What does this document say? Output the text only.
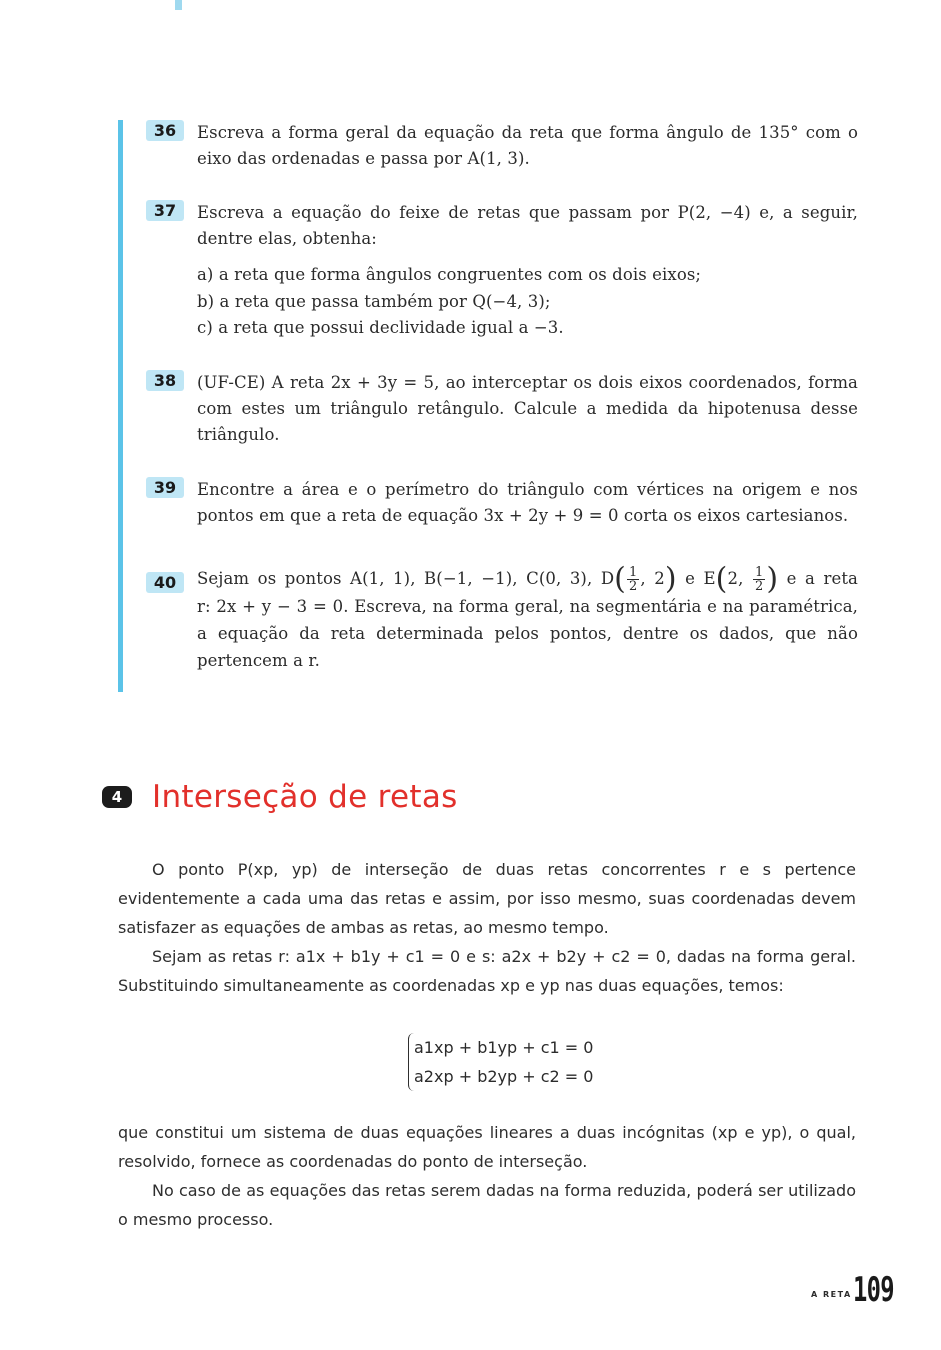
36	Escreva a forma geral da equação da reta que forma ângulo de 135° com o eixo das ordenadas e passa por A(1, 3).

37	Escreva a equação do feixe de retas que passam por P(2, −4) e, a seguir, dentre elas, obtenha:

a) a reta que forma ângulos congruentes com os dois eixos;
b) a reta que passa também por Q(−4, 3);
c) a reta que possui declividade igual a −3.
38	(UF-CE) A reta 2x + 3y = 5, ao interceptar os dois eixos coordenados, forma com estes um triângulo retângulo. Calcule a medida da hipotenusa desse triângulo.

39	Encontre a área e o perímetro do triângulo com vértices na origem e nos pontos em que a reta de equação 3x + 2y + 9 = 0 corta os eixos cartesianos.

40	Sejam os pontos A(1, 1), B(−1, −1), C(0, 3), $D( \frac{1}{2}$ , 2) e E(2, $\frac{1}{2}$ ) e a reta

r: 2x + y − 3 = 0. Escreva, na forma geral, na segmentária e na paramétrica, a equação da reta determinada pelos pontos, dentre os dados, que não pertencem a r.

4 Interseção de retas

O ponto P(xp, yp) de interseção de duas retas concorrentes r e s pertence evidentemente a cada uma das retas e assim, por isso mesmo, suas coordenadas devem satisfazer as equações de ambas as retas, ao mesmo tempo.

Sejam as retas r: a1x + b1y + c1 = 0 e s: a2x + b2y + c2 = 0, dadas na forma geral. Substituindo simultaneamente as coordenadas xp e yp nas duas equações, temos:

a1xp + b1yp + c1 = 0
a2xp + b2yp + c2 = 0

que constitui um sistema de duas equações lineares a duas incógnitas (xp e yp), o qual, resolvido, fornece as coordenadas do ponto de interseção.

No caso de as equações das retas serem dadas na forma reduzida, poderá ser utilizado o mesmo processo.

A RETA 109
